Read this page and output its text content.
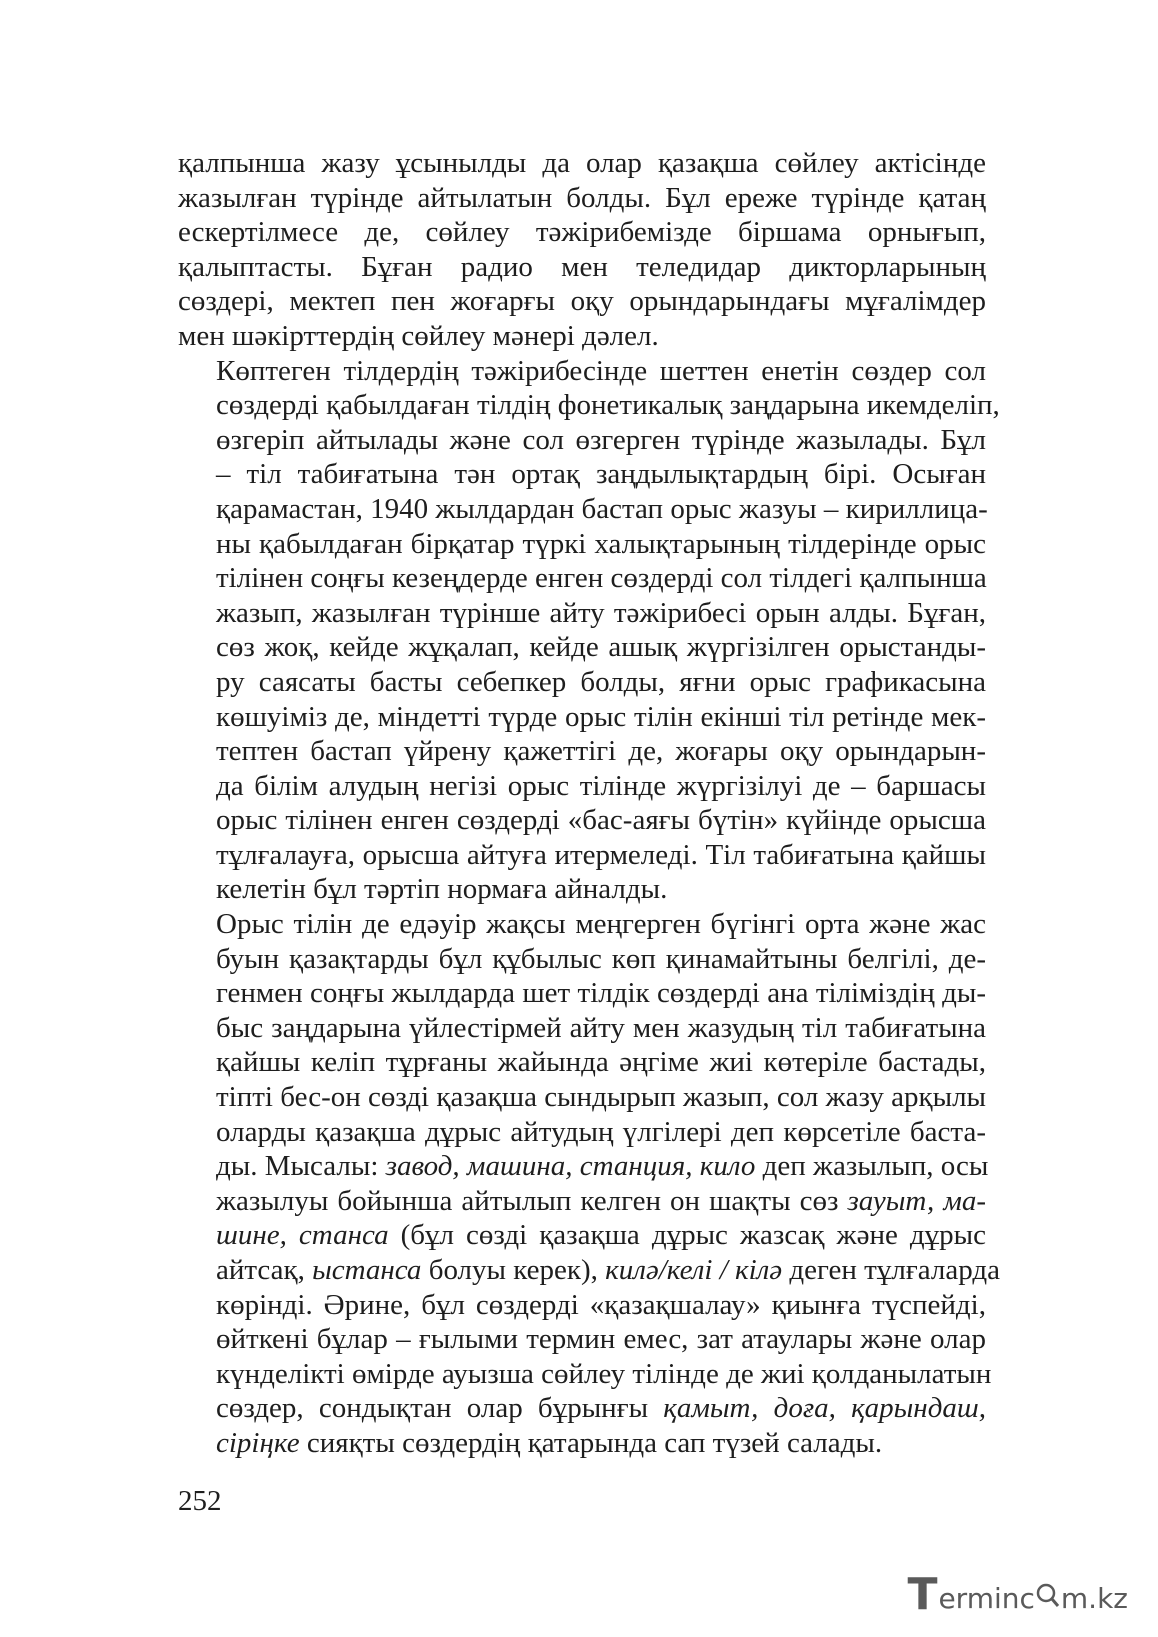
қалпынша жазу ұсынылды да олар қазақша сөйлеу актісінде
жазылған түрінде айтылатын болды. Бұл ереже түрінде қатаң
ескертілмесе де, сөйлеу тәжірибемізде біршама орнығып,
қалыптасты. Бұған радио мен теледидар дикторларының
сөздері, мектеп пен жоғарғы оқу орындарындағы мұғалімдер
мен шәкірттердің сөйлеу мәнері дәлел.

Көптеген тілдердің тәжірибесінде шеттен енетін сөздер сол
сөздерді қабылдаған тілдің фонетикалық заңдарына икемделіп,
өзгеріп айтылады және сол өзгерген түрінде жазылады. Бұл
– тіл табиғатына тән ортақ заңдылықтардың бірі. Осыған
қарамастан, 1940 жылдардан бастап орыс жазуы – кириллица-
ны қабылдаған бірқатар түркі халықтарының тілдерінде орыс
тілінен соңғы кезеңдерде енген сөздерді сол тілдегі қалпынша
жазып, жазылған түрінше айту тәжірибесі орын алды. Бұған,
сөз жоқ, кейде жұқалап, кейде ашық жүргізілген орыстанды-
ру саясаты басты себепкер болды, яғни орыс графикасына
көшуіміз де, міндетті түрде орыс тілін екінші тіл ретінде мек-
тептен бастап үйрену қажеттігі де, жоғары оқу орындарын-
да білім алудың негізі орыс тілінде жүргізілуі де – баршасы
орыс тілінен енген сөздерді «бас-аяғы бүтін» күйінде орысша
тұлғалауға, орысша айтуға итермеледі. Тіл табиғатына қайшы
келетін бұл тәртіп нормаға айналды.

Орыс тілін де едәуір жақсы меңгерген бүгінгі орта және жас
буын қазақтарды бұл құбылыс көп қинамайтыны белгілі, де-
генмен соңғы жылдарда шет тілдік сөздерді ана тіліміздің ды-
быс заңдарына үйлестірмей айту мен жазудың тіл табиғатына
қайшы келіп тұрғаны жайында әңгіме жиі көтеріле бастады,
тіпті бес-он сөзді қазақша сындырып жазып, сол жазу арқылы
оларды қазақша дұрыс айтудың үлгілері деп көрсетіле баста-
ды. Мысалы: завод, машина, станция, кило деп жазылып, осы
жазылуы бойынша айтылып келген он шақты сөз зауыт, ма-
шине, станса (бұл сөзді қазақша дұрыс жазсақ және дұрыс
айтсақ, ыстанса болуы керек), килә/келі / кілә деген тұлғаларда
көрінді. Әрине, бұл сөздерді «қазақшалау» қиынға түспейді,
өйткені бұлар – ғылыми термин емес, зат атаулары және олар
күнделікті өмірде ауызша сөйлеу тілінде де жиі қолданылатын
сөздер, сондықтан олар бұрынғы қамыт, доға, қарындаш,
сіріңке сияқты сөздердің қатарында сап түзей салады.

252
T erminc m.kz
